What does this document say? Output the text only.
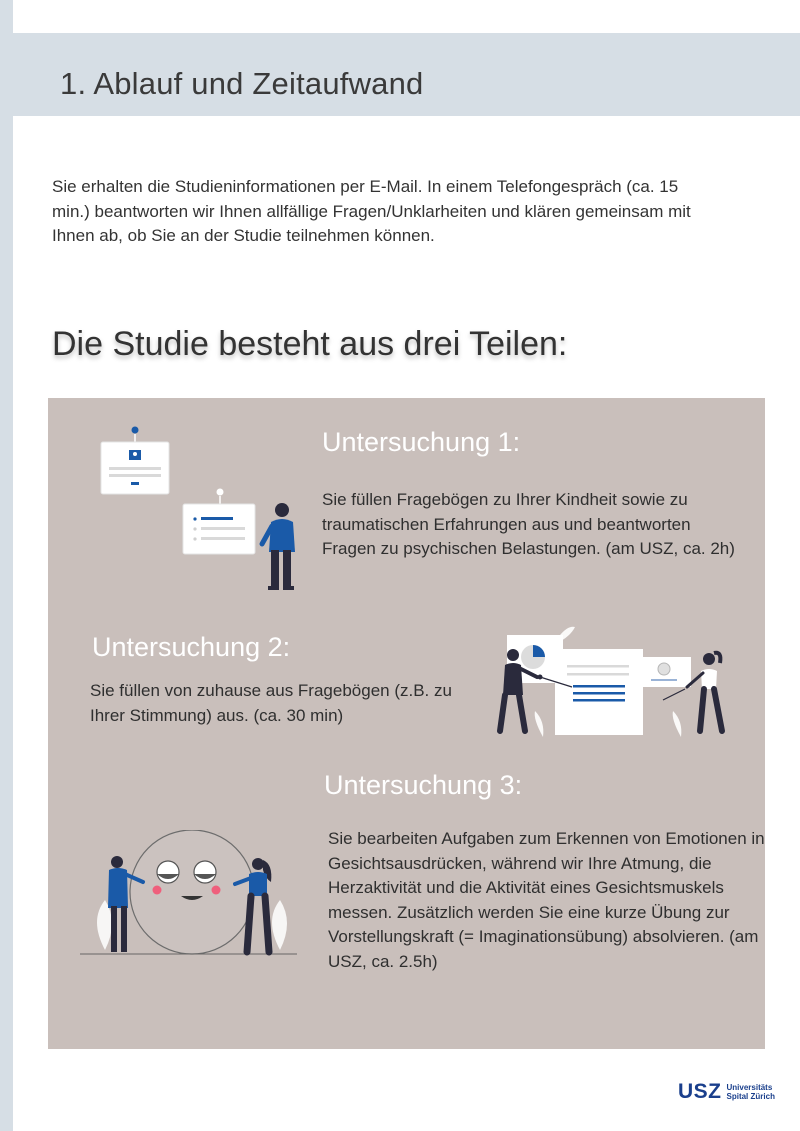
1. Ablauf und Zeitaufwand
Sie erhalten die Studieninformationen per E-Mail. In einem Telefongespräch (ca. 15 min.) beantworten wir Ihnen allfällige Fragen/Unklarheiten und klären gemeinsam mit Ihnen ab, ob Sie an der Studie teilnehmen können.
Die Studie besteht aus drei Teilen:
Untersuchung 1:
Sie füllen Fragebögen zu Ihrer Kindheit sowie zu traumatischen Erfahrungen aus und beantworten Fragen zu psychischen Belastungen. (am USZ, ca. 2h)
Untersuchung 2:
Sie füllen von zuhause aus Fragebögen (z.B. zu Ihrer Stimmung) aus. (ca. 30 min)
Untersuchung 3:
Sie bearbeiten Aufgaben zum Erkennen von Emotionen in Gesichtsausdrücken, während wir Ihre Atmung, die Herzaktivität und die Aktivität eines Gesichtsmuskels messen. Zusätzlich werden Sie eine kurze Übung zur Vorstellungskraft (= Imaginationsübung) absolvieren. (am USZ, ca. 2.5h)
USZ Universitäts
Spital Zürich
